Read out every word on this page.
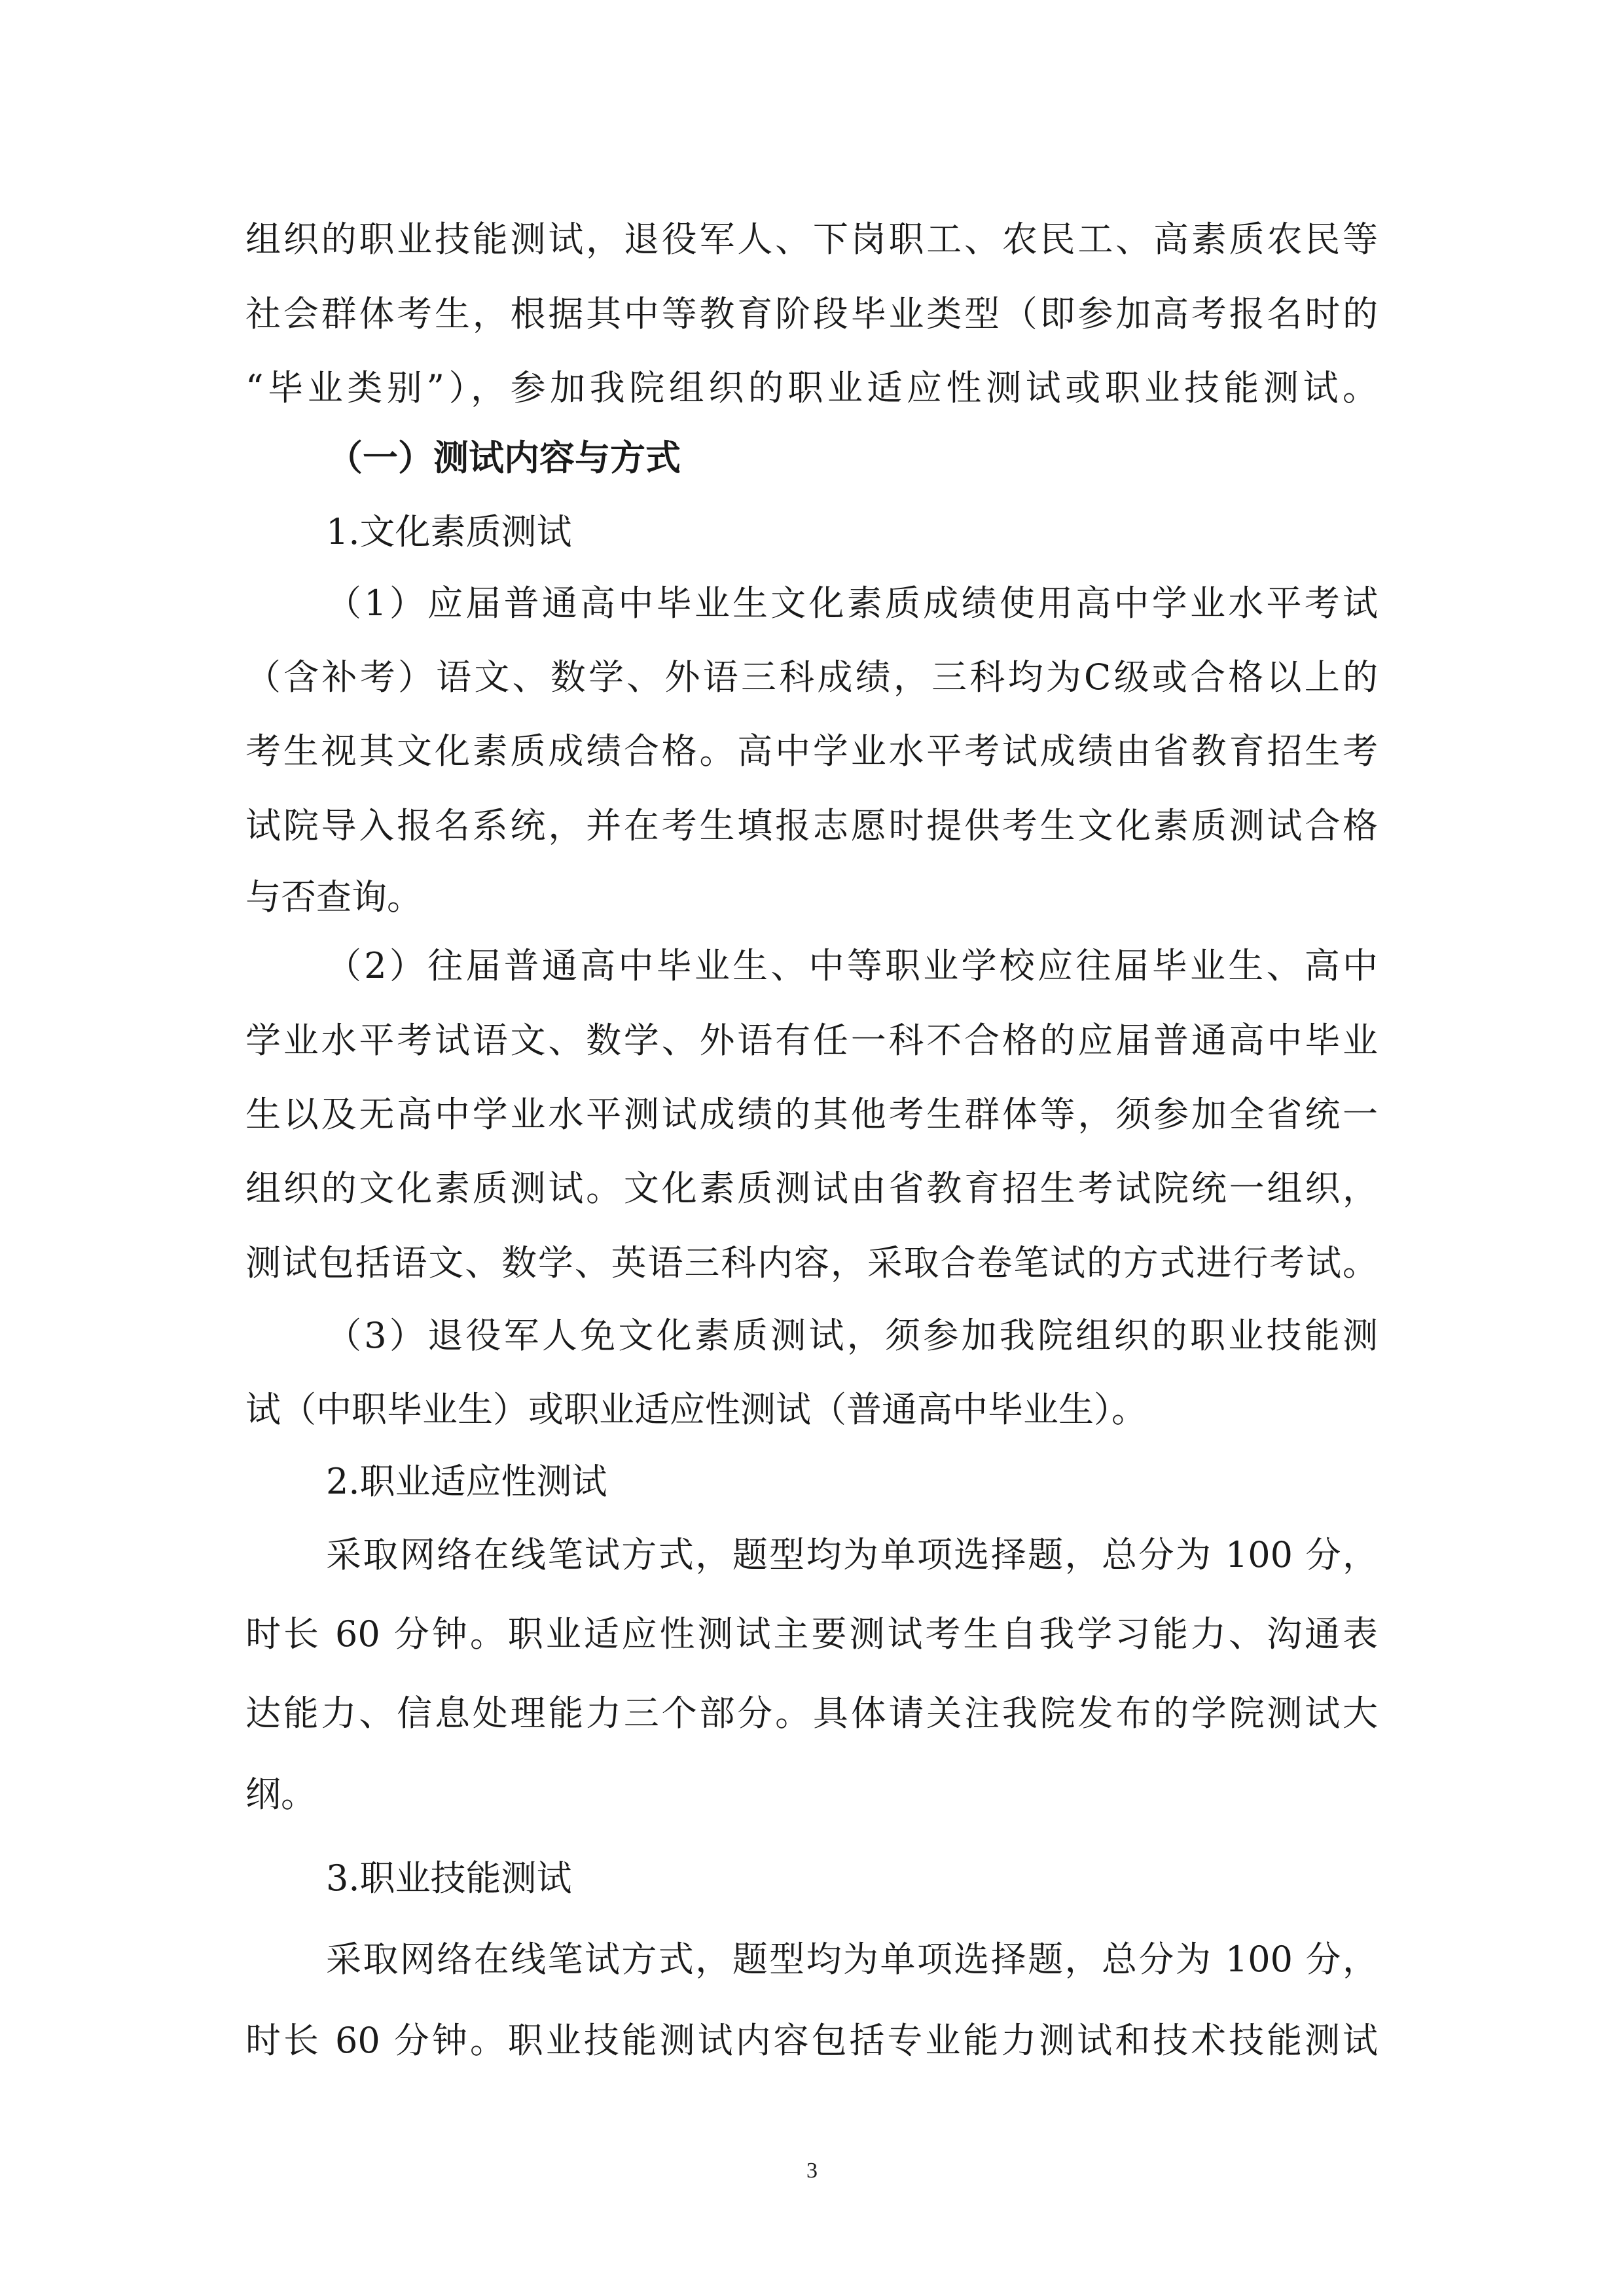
组织的职业技能测试，退役军人、下岗职工、农民工、高素质农民等
社会群体考生，根据其中等教育阶段毕业类型（即参加高考报名时的
“毕业类别”），参加我院组织的职业适应性测试或职业技能测试。
（一）测试内容与方式
1.文化素质测试
（1）应届普通高中毕业生文化素质成绩使用高中学业水平考试
（含补考）语文、数学、外语三科成绩，三科均为C级或合格以上的
考生视其文化素质成绩合格。高中学业水平考试成绩由省教育招生考
试院导入报名系统，并在考生填报志愿时提供考生文化素质测试合格
与否查询。
（2）往届普通高中毕业生、中等职业学校应往届毕业生、高中
学业水平考试语文、数学、外语有任一科不合格的应届普通高中毕业
生以及无高中学业水平测试成绩的其他考生群体等，须参加全省统一
组织的文化素质测试。文化素质测试由省教育招生考试院统一组织，
测试包括语文、数学、英语三科内容，采取合卷笔试的方式进行考试。
（3）退役军人免文化素质测试，须参加我院组织的职业技能测
试（中职毕业生）或职业适应性测试（普通高中毕业生）。
2.职业适应性测试
采取网络在线笔试方式，题型均为单项选择题，总分为 100 分，
时长 60 分钟。职业适应性测试主要测试考生自我学习能力、沟通表
达能力、信息处理能力三个部分。具体请关注我院发布的学院测试大
纲。
3.职业技能测试
采取网络在线笔试方式，题型均为单项选择题，总分为 100 分，
时长 60 分钟。职业技能测试内容包括专业能力测试和技术技能测试
3
